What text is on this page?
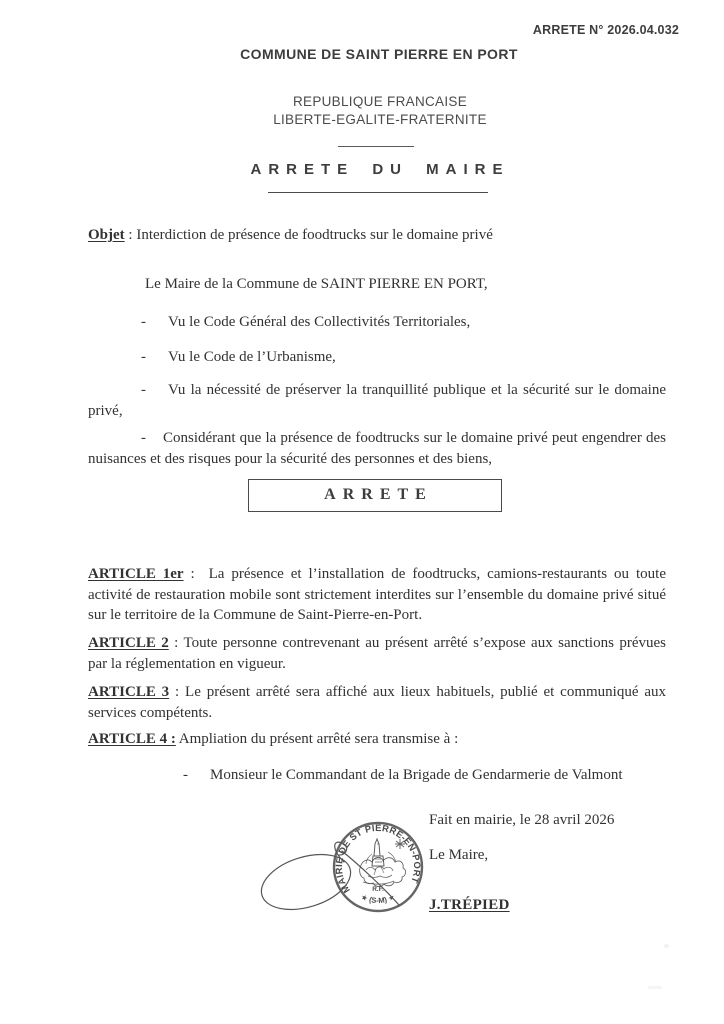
ARRETE N° 2026.04.032
COMMUNE DE SAINT PIERRE EN PORT
REPUBLIQUE FRANCAISE
LIBERTE-EGALITE-FRATERNITE
ARRETE DU MAIRE

Objet : Interdiction de présence de foodtrucks sur le domaine privé

Le Maire de la Commune de SAINT PIERRE EN PORT,

- Vu le Code Général des Collectivités Territoriales,

- Vu le Code de l’Urbanisme,

- Vu la nécessité de préserver la tranquillité publique et la sécurité sur le domaine privé,

- Considérant que la présence de foodtrucks sur le domaine privé peut engendrer des nuisances et des risques pour la sécurité des personnes et des biens,

ARRETE

ARTICLE 1er :  La présence et l’installation de foodtrucks, camions-restaurants ou toute activité de restauration mobile sont strictement interdites sur l’ensemble du domaine privé situé sur le territoire de la Commune de Saint-Pierre-en-Port.

ARTICLE 2 : Toute personne contrevenant au présent arrêté s’expose aux sanctions prévues par la réglementation en vigueur.

ARTICLE 3 : Le présent arrêté sera affiché aux lieux habituels, publié et communiqué aux services compétents.

ARTICLE 4 : Ampliation du présent arrêté sera transmise à :

- Monsieur le Commandant de la Brigade de Gendarmerie de Valmont

Fait en mairie, le 28 avril 2026

Le Maire,

J.TRÉPIED

MAIRIE DE ST PIERRE-EN-PORT
★ (S-M) ★
R.F.
